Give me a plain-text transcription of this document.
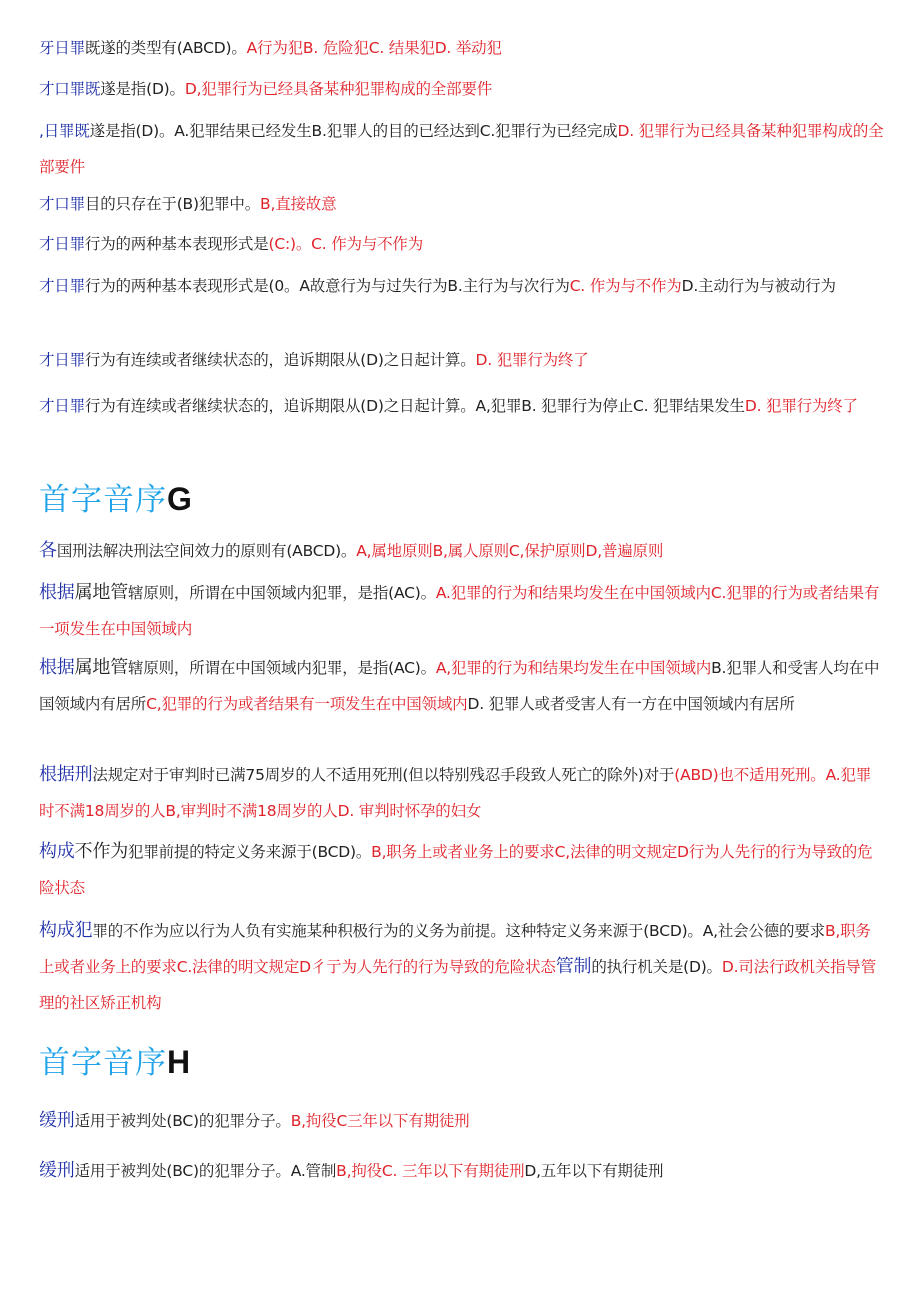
牙日罪既遂的类型有(ABCD)。A行为犯B. 危险犯C. 结果犯D. 举动犯
才口罪既遂是指(D)。D,犯罪行为已经具备某种犯罪构成的全部要件
,日罪既遂是指(D)。A.犯罪结果已经发生B.犯罪人的目的已经达到C.犯罪行为已经完成D. 犯罪行为已经具备某种犯罪构成的全部要件
才口罪目的只存在于(B)犯罪中。B,直接故意
才日罪行为的两种基本表现形式是(C:)。C. 作为与不作为
才日罪行为的两种基本表现形式是(0。A故意行为与过失行为B.主行为与次行为C. 作为与不作为D.主动行为与被动行为
才日罪行为有连续或者继续状态的，追诉期限从(D)之日起计算。D. 犯罪行为终了
才日罪行为有连续或者继续状态的，追诉期限从(D)之日起计算。A,犯罪B. 犯罪行为停止C. 犯罪结果发生D. 犯罪行为终了
首字音序G
各国刑法解决刑法空间效力的原则有(ABCD)。A,属地原则B,属人原则C,保护原则D,普遍原则
根据属地管辖原则，所谓在中国领域内犯罪，是指(AC)。A.犯罪的行为和结果均发生在中国领域内C.犯罪的行为或者结果有一项发生在中国领域内
根据属地管辖原则，所谓在中国领域内犯罪，是指(AC)。A,犯罪的行为和结果均发生在中国领域内B.犯罪人和受害人均在中国领域内有居所C,犯罪的行为或者结果有一项发生在中国领域内D. 犯罪人或者受害人有一方在中国领域内有居所
根据刑法规定对于审判时已满75周岁的人不适用死刑(但以特别残忍手段致人死亡的除外)对于(ABD)也不适用死刑。A.犯罪时不满18周岁的人B,审判时不满18周岁的人D. 审判时怀孕的妇女
构成不作为犯罪前提的特定义务来源于(BCD)。B,职务上或者业务上的要求C,法律的明文规定D行为人先行的行为导致的危险状态
构成犯罪的不作为应以行为人负有实施某种积极行为的义务为前提。这种特定义务来源于(BCD)。A,社会公德的要求B,职务上或者业务上的要求C.法律的明文规定D彳亍为人先行的行为导致的危险状态管制的执行机关是(D)。D.司法行政机关指导管理的社区矫正机构
首字音序H
缓刑适用于被判处(BC)的犯罪分子。B,拘役C三年以下有期徒刑
缓刑适用于被判处(BC)的犯罪分子。A.管制B,拘役C. 三年以下有期徒刑D,五年以下有期徒刑
